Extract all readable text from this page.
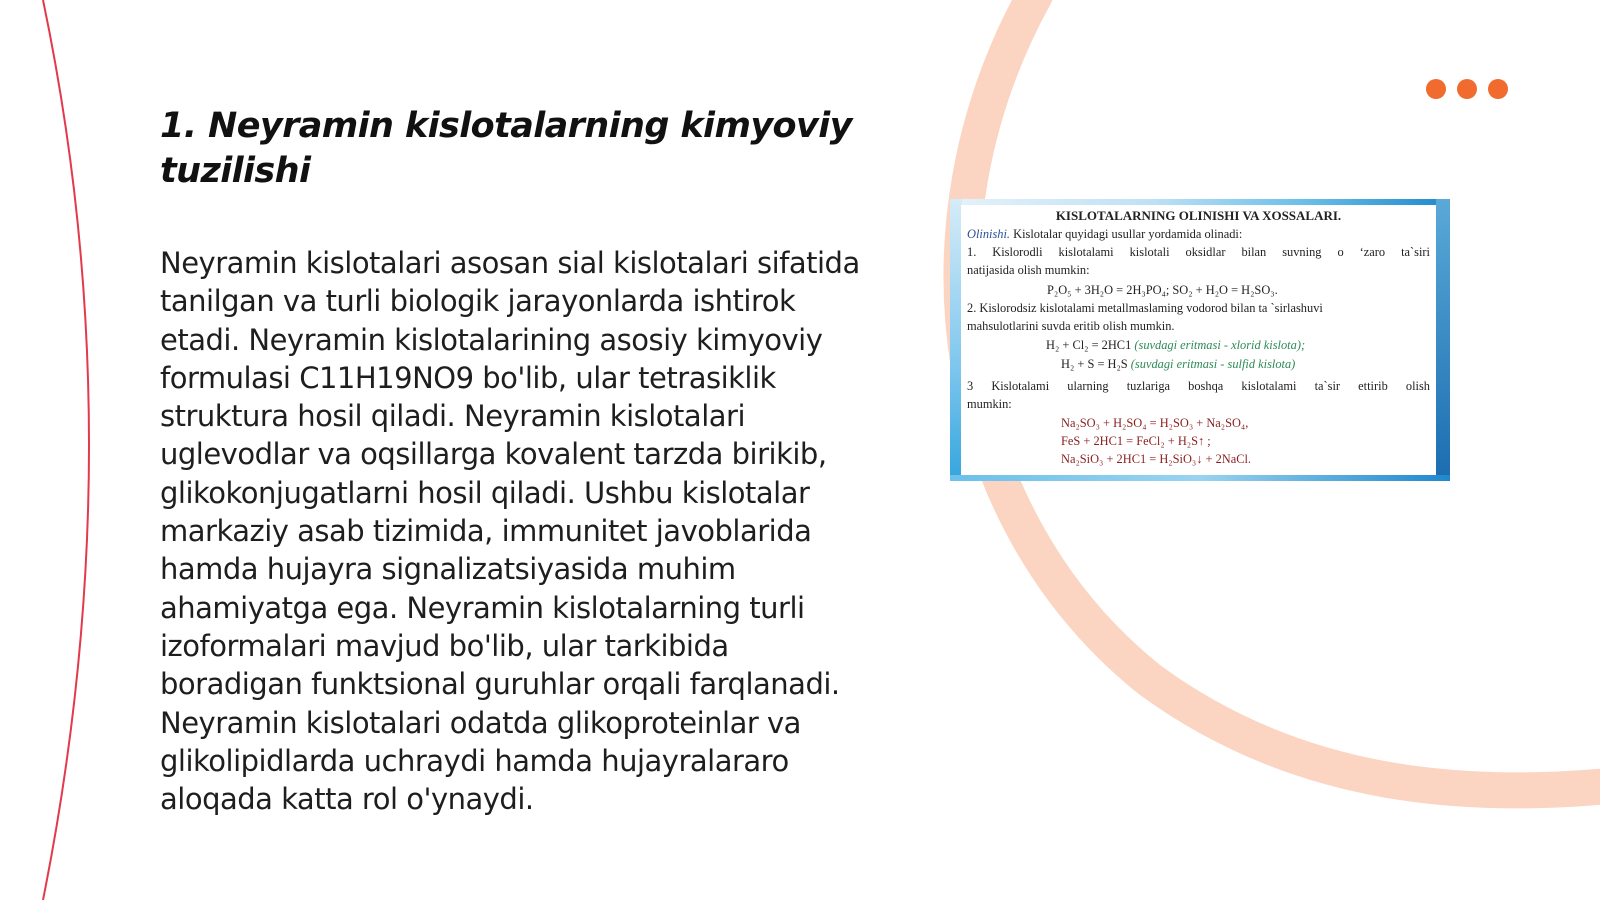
1. Neyramin kislotalarning kimyoviy tuzilishi

Neyramin kislotalari asosan sial kislotalari sifatida tanilgan va turli biologik jarayonlarda ishtirok etadi. Neyramin kislotalarining asosiy kimyoviy formulasi C11H19NO9 bo'lib, ular tetrasiklik struktura hosil qiladi. Neyramin kislotalari uglevodlar va oqsillarga kovalent tarzda birikib, glikokonjugatlarni hosil qiladi. Ushbu kislotalar markaziy asab tizimida, immunitet javoblarida hamda hujayra signalizatsiyasida muhim ahamiyatga ega. Neyramin kislotalarning turli izoformalari mavjud bo'lib, ular tarkibida boradigan funktsional guruhlar orqali farqlanadi. Neyramin kislotalari odatda glikoproteinlar va glikolipidlarda uchraydi hamda hujayralararo aloqada katta rol o'ynaydi.

KISLOTALARNING OLINISHI VA XOSSALARI.
Olinishi. Kislotalar quyidagi usullar yordamida olinadi:
1. Kislorodli kislotalami kislotali oksidlar bilan suvning o ‘zaro ta`siri
natijasida olish mumkin:
P₂O₅ + 3H₂O = 2H₃PO₄; SO₂ + H₂O = H₂SO₃.
2. Kislorodsiz kislotalami metallmaslaming vodorod bilan ta `sirlashuvi
mahsulotlarini suvda eritib olish mumkin.
H₂ + Cl₂ = 2HC1 (suvdagi eritmasi - xlorid kislota);
H₂ + S = H₂S (suvdagi eritmasi - sulfid kislota)
3 Kislotalami ularning tuzlariga boshqa kislotalami ta`sir ettirib olish
mumkin:
Na₂SO₃ + H₂SO₄ = H₂SO₃ + Na₂SO₄,
FeS + 2HC1 = FeCl₂ + H₂S↑ ;
Na₂SiO₃ + 2HC1 = H₂SiO₃↓ + 2NaCl.
